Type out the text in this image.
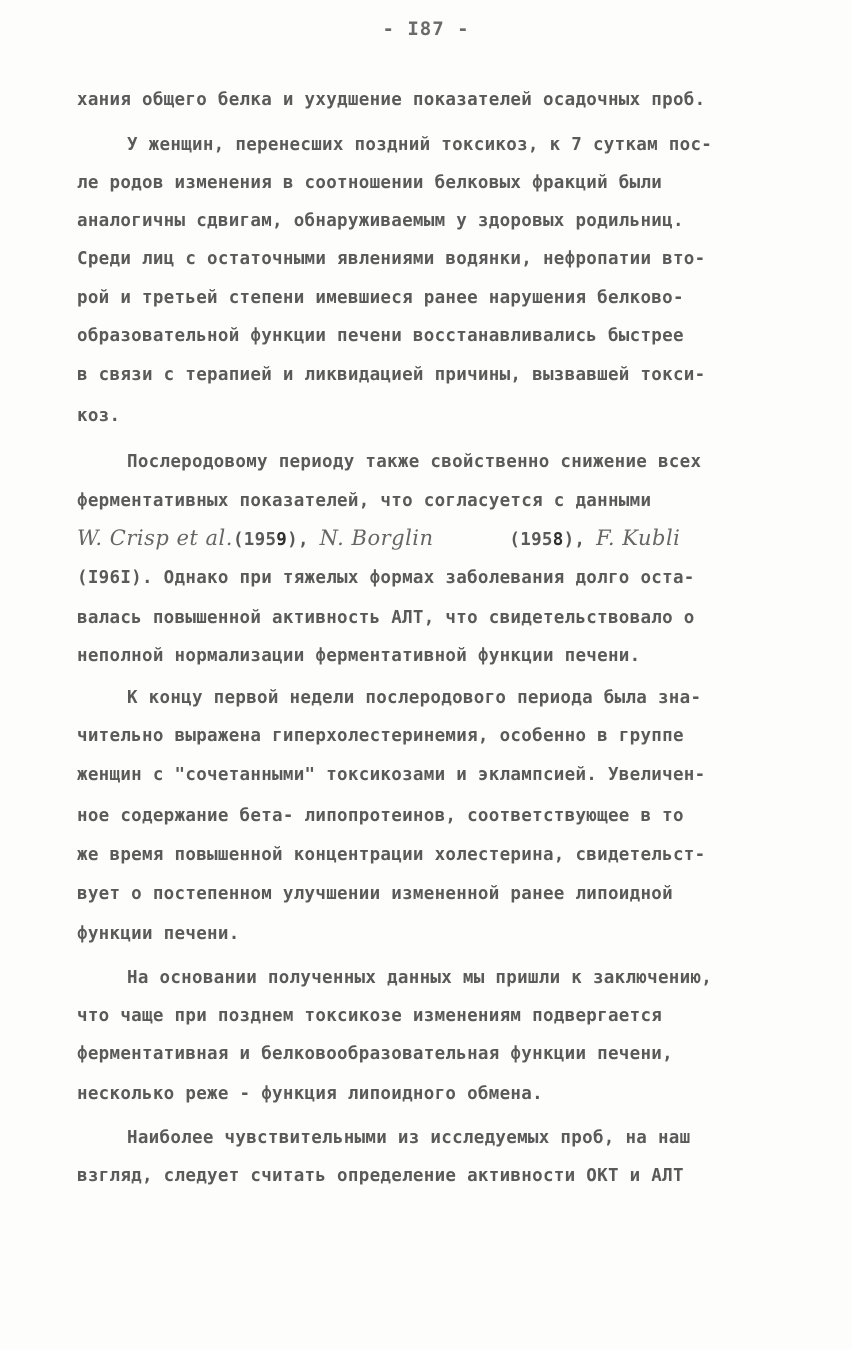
- I87 -
хания общего белка и ухудшение показателей осадочных проб.
У женщин, перенесших поздний токсикоз, к 7 суткам пос-
ле родов изменения в соотношении белковых фракций были
аналогичны сдвигам, обнаруживаемым у здоровых родильниц.
Среди лиц с остаточными явлениями водянки, нефропатии вто-
рой и третьей степени имевшиеся ранее нарушения белково-
образовательной функции печени восстанавливались быстрее
в связи с терапией и ликвидацией причины, вызвавшей токси-
коз.
Послеродовому периоду также свойственно снижение всех
ферментативных показателей, что согласуется с данными
W. Crisp et al.(1959), N. Borglin	(1958), F. Kubli
(I96I). Однако при тяжелых формах заболевания долго оста-
валась повышенной активность АЛТ, что свидетельствовало о
неполной нормализации ферментативной функции печени.
К концу первой недели послеродового периода была зна-
чительно выражена гиперхолестеринемия, особенно в группе
женщин с "сочетанными" токсикозами и эклампсией. Увеличен-
ное содержание бета- липопротеинов, соответствующее в то
же время повышенной концентрации холестерина, свидетельст-
вует о постепенном улучшении измененной ранее липоидной
функции печени.
На основании полученных данных мы пришли к заключению,
что чаще при позднем токсикозе изменениям подвергается
ферментативная и белковообразовательная функции печени,
несколько реже - функция липоидного обмена.
Наиболее чувствительными из исследуемых проб, на наш
взгляд, следует считать определение активности ОКТ и АЛТ
